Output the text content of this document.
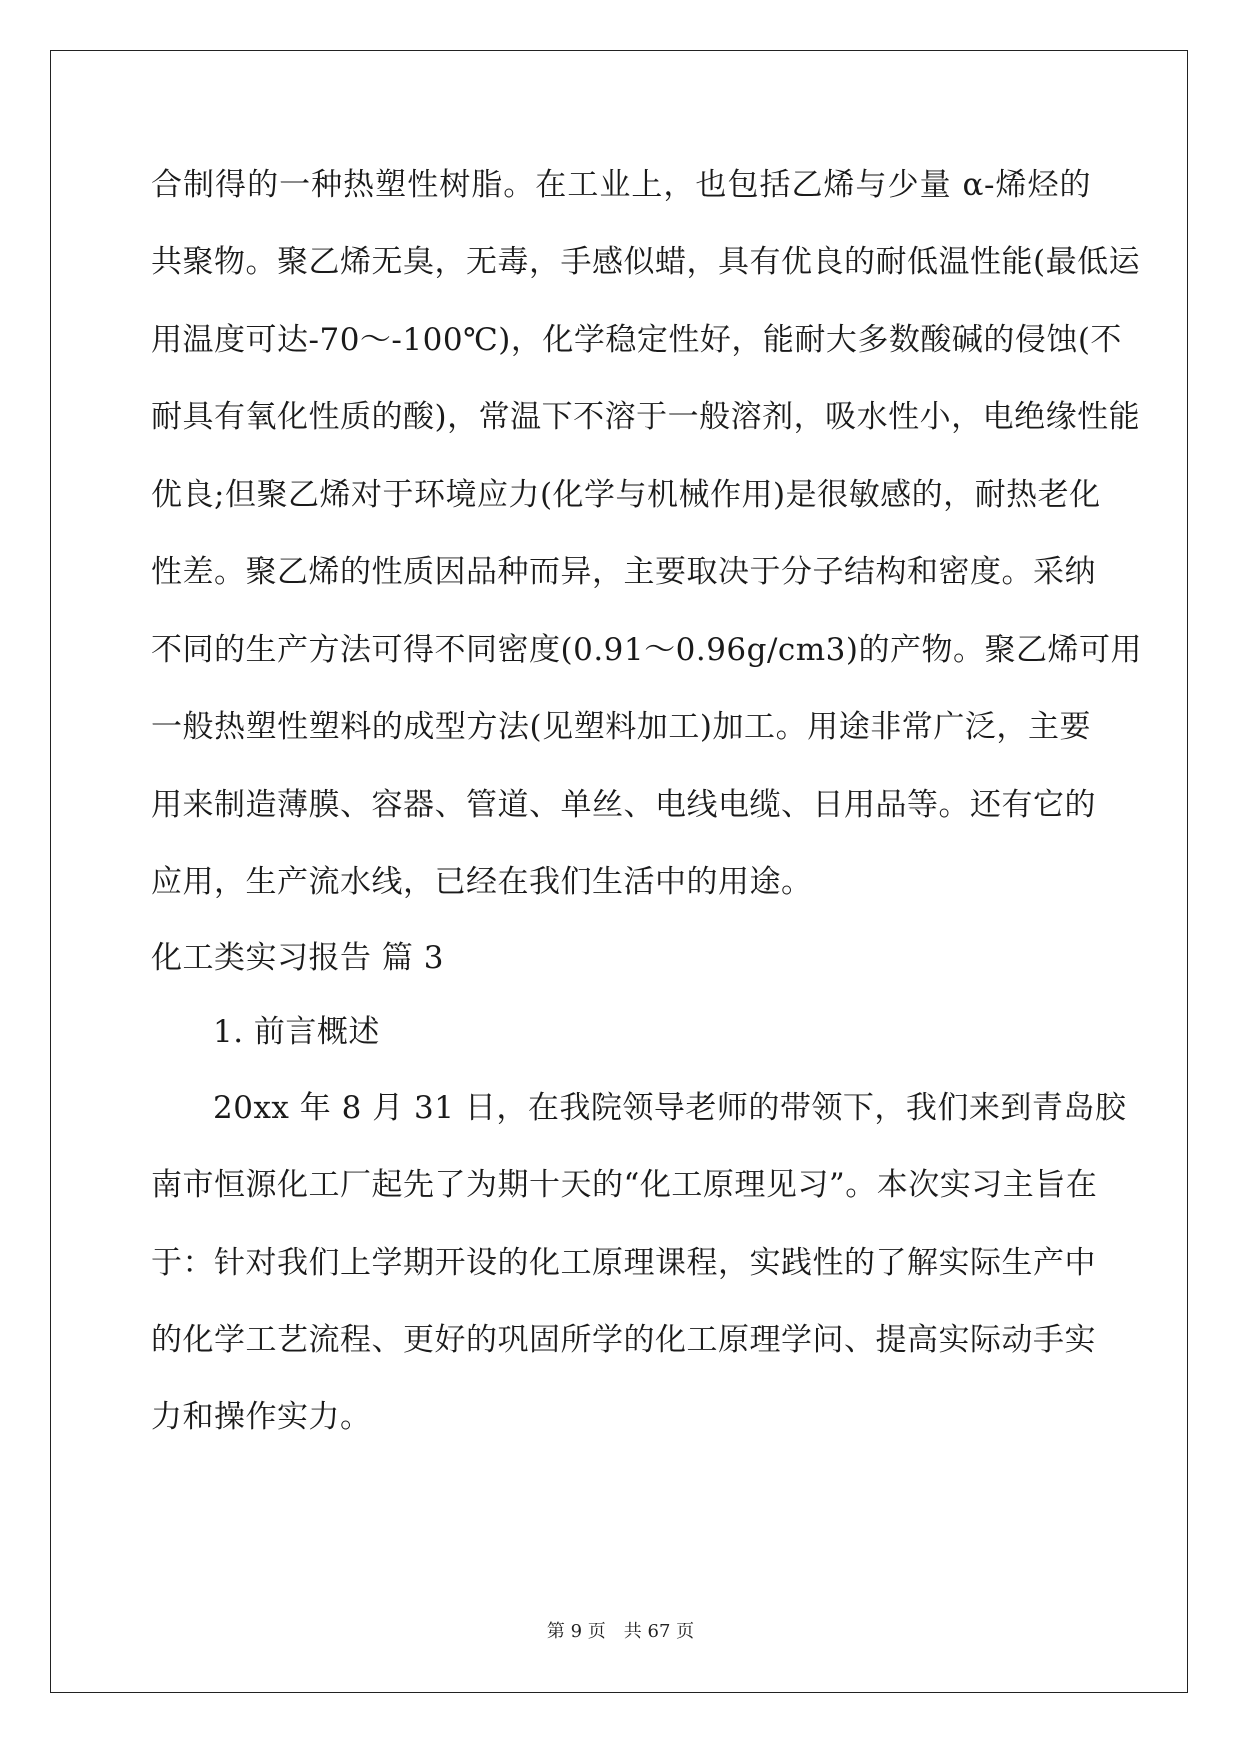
合制得的一种热塑性树脂。在工业上，也包括乙烯与少量 α-烯烃的
共聚物。聚乙烯无臭，无毒，手感似蜡，具有优良的耐低温性能(最低运
用温度可达-70～-100℃)，化学稳定性好，能耐大多数酸碱的侵蚀(不
耐具有氧化性质的酸)，常温下不溶于一般溶剂，吸水性小，电绝缘性能
优良;但聚乙烯对于环境应力(化学与机械作用)是很敏感的，耐热老化
性差。聚乙烯的性质因品种而异，主要取决于分子结构和密度。采纳
不同的生产方法可得不同密度(0.91～0.96g/cm3)的产物。聚乙烯可用
一般热塑性塑料的成型方法(见塑料加工)加工。用途非常广泛，主要
用来制造薄膜、容器、管道、单丝、电线电缆、日用品等。还有它的
应用，生产流水线，已经在我们生活中的用途。
化工类实习报告 篇 3
1. 前言概述
20xx 年 8 月 31 日，在我院领导老师的带领下，我们来到青岛胶
南市恒源化工厂起先了为期十天的“化工原理见习”。本次实习主旨在
于：针对我们上学期开设的化工原理课程，实践性的了解实际生产中
的化学工艺流程、更好的巩固所学的化工原理学问、提高实际动手实
力和操作实力。
第 9 页　共 67 页
